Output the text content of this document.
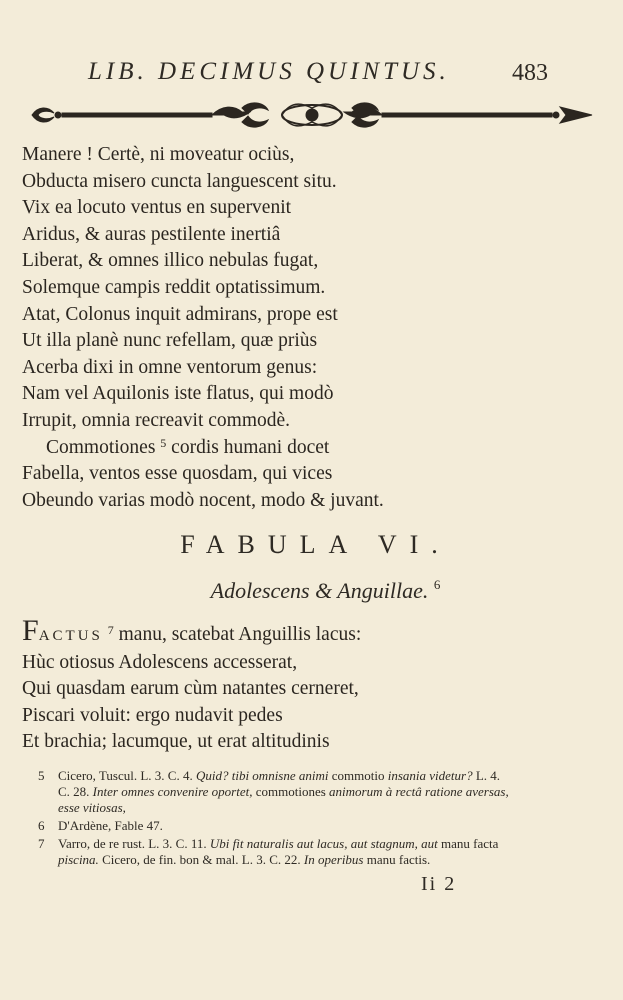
LIB. DECIMUS QUINTUS.	483
Manere ! Certè, ni moveatur ociùs,
Obducta misero cuncta languescent situ.
Vix ea locuto ventus en supervenit
Aridus, & auras pestilente inertiâ
Liberat, & omnes illico nebulas fugat,
Solemque campis reddit optatissimum.
Atat, Colonus inquit admirans, prope est
Ut illa planè nunc refellam, quæ priùs
Acerba dixi in omne ventorum genus:
Nam vel Aquilonis iste flatus, qui modò
Irrupit, omnia recreavit commodè.
Commotiones $^5$ cordis humani docet
Fabella, ventos esse quosdam, qui vices
Obeundo varias modò nocent, modo & juvant.
FABULA VI.
Adolescens & Anguillae. $^6$
FACTUS $^7$ manu, scatebat Anguillis lacus:
Hùc otiosus Adolescens accesserat,
Qui quasdam earum cùm natantes cerneret,
Piscari voluit: ergo nudavit pedes
Et brachia; lacumque, ut erat altitudinis
5 Cicero, Tuscul. L. 3. C. 4. Quid? tibi omnisne animi commotio insania videtur? L. 4. C. 28. Inter omnes convenire oportet, commotiones animorum à rectâ ratione aversas, esse vitiosas,
6 D'Ardène, Fable 47.
7 Varro, de re rust. L. 3. C. 11. Ubi fit naturalis aut lacus, aut stagnum, aut manu facta piscina. Cicero, de fin. bon & mal. L. 3. C. 22. In operibus manu factis.
Ii 2
